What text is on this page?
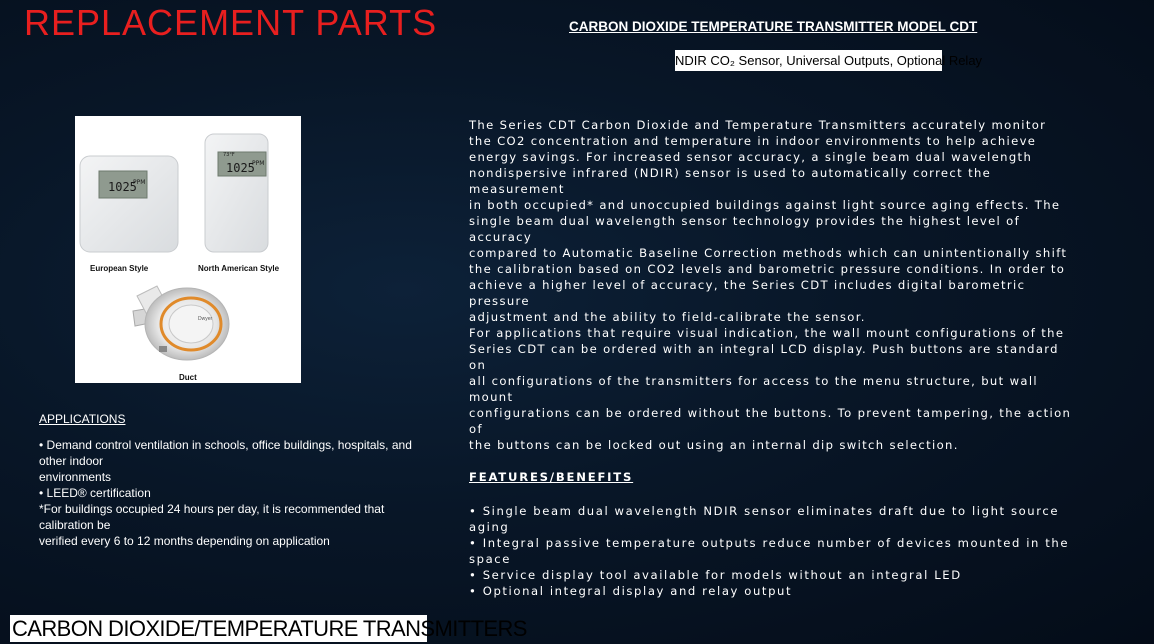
REPLACEMENT PARTS	CARBON DIOXIDE TEMPERATURE TRANSMITTER MODEL CDT
NDIR CO₂ Sensor, Universal Outputs, Optional Relay
1025
PPM
73°F
1025
PPM
European Style	North American Style
Dwyer
Duct
APPLICATIONS

• Demand control ventilation in schools, office buildings, hospitals, and

other indoor

environments

• LEED® certification

*For buildings occupied 24 hours per day, it is recommended that

calibration be

verified every 6 to 12 months depending on application

The Series CDT Carbon Dioxide and Temperature Transmitters accurately monitor

the CO2 concentration and temperature in indoor environments to help achieve

energy savings. For increased sensor accuracy, a single beam dual wavelength

nondispersive infrared (NDIR) sensor is used to automatically correct the

measurement

in both occupied* and unoccupied buildings against light source aging effects. The

single beam dual wavelength sensor technology provides the highest level of

accuracy

compared to Automatic Baseline Correction methods which can unintentionally shift

the calibration based on CO2 levels and barometric pressure conditions. In order to

achieve a higher level of accuracy, the Series CDT includes digital barometric

pressure

adjustment and the ability to field-calibrate the sensor.

For applications that require visual indication, the wall mount configurations of the

Series CDT can be ordered with an integral LCD display. Push buttons are standard

on

all configurations of the transmitters for access to the menu structure, but wall

mount

configurations can be ordered without the buttons. To prevent tampering, the action

of

the buttons can be locked out using an internal dip switch selection.

FEATURES/BENEFITS

• Single beam dual wavelength NDIR sensor eliminates draft due to light source

aging

• Integral passive temperature outputs reduce number of devices mounted in the

space

• Service display tool available for models without an integral LED

• Optional integral display and relay output

CARBON DIOXIDE/TEMPERATURE TRANSMITTERS
